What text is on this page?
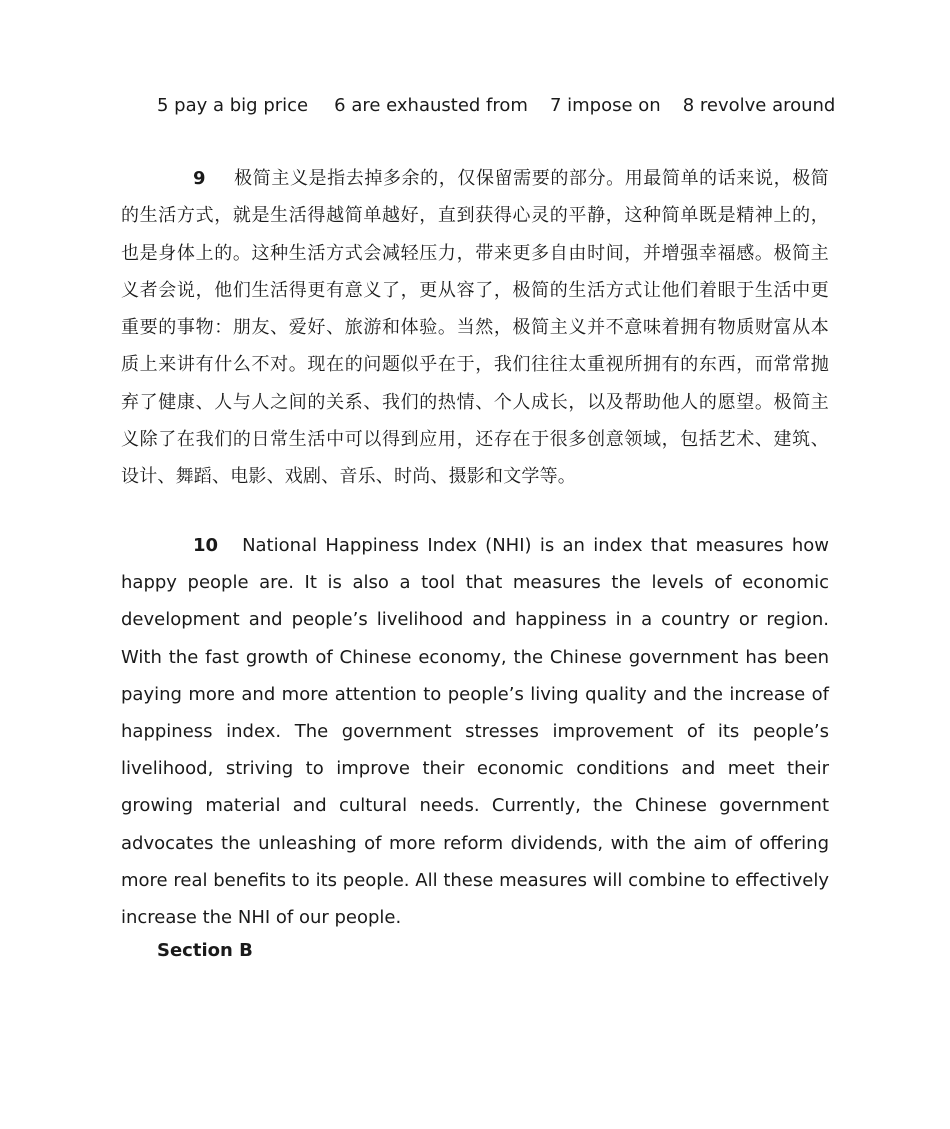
5 pay a big price 6 are exhausted from 7 impose on 8 revolve around

9 极简主义是指去掉多余的，仅保留需要的部分。用最简单的话来说，极简的生活方式，就是生活得越简单越好，直到获得心灵的平静，这种简单既是精神上的，也是身体上的。这种生活方式会减轻压力，带来更多自由时间，并增强幸福感。极简主义者会说，他们生活得更有意义了，更从容了，极简的生活方式让他们着眼于生活中更重要的事物：朋友、爱好、旅游和体验。当然，极简主义并不意味着拥有物质财富从本质上来讲有什么不对。现在的问题似乎在于，我们往往太重视所拥有的东西，而常常抛弃了健康、人与人之间的关系、我们的热情、个人成长，以及帮助他人的愿望。极简主义除了在我们的日常生活中可以得到应用，还存在于很多创意领域，包括艺术、建筑、设计、舞蹈、电影、戏剧、音乐、时尚、摄影和文学等。

10 National Happiness Index (NHI) is an index that measures how happy people are. It is also a tool that measures the levels of economic development and people’s livelihood and happiness in a country or region. With the fast growth of Chinese economy, the Chinese government has been paying more and more attention to people’s living quality and the increase of happiness index. The government stresses improvement of its people’s livelihood, striving to improve their economic conditions and meet their growing material and cultural needs. Currently, the Chinese government advocates the unleashing of more reform dividends, with the aim of offering more real benefits to its people. All these measures will combine to effectively increase the NHI of our people.

Section B
